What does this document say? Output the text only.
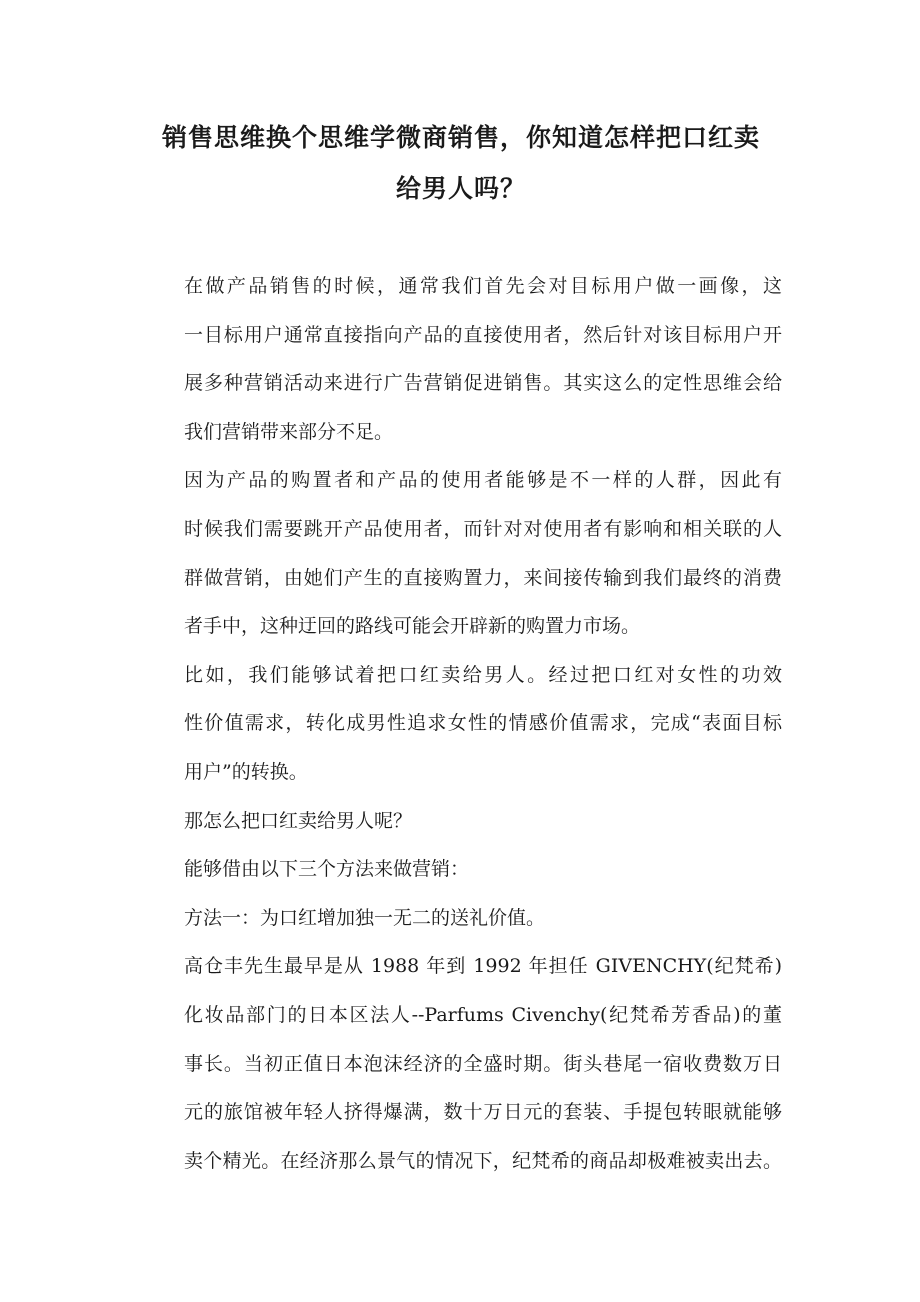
销售思维换个思维学微商销售，你知道怎样把口红卖
给男人吗？

在做产品销售的时候，通常我们首先会对目标用户做一画像，这
一目标用户通常直接指向产品的直接使用者，然后针对该目标用户开
展多种营销活动来进行广告营销促进销售。其实这么的定性思维会给
我们营销带来部分不足。

因为产品的购置者和产品的使用者能够是不一样的人群，因此有
时候我们需要跳开产品使用者，而针对对使用者有影响和相关联的人
群做营销，由她们产生的直接购置力，来间接传输到我们最终的消费
者手中，这种迂回的路线可能会开辟新的购置力市场。

比如，我们能够试着把口红卖给男人。经过把口红对女性的功效
性价值需求，转化成男性追求女性的情感价值需求，完成“表面目标
用户”的转换。

那怎么把口红卖给男人呢？

能够借由以下三个方法来做营销：

方法一：为口红增加独一无二的送礼价值。

高仓丰先生最早是从 1988 年到 1992 年担任 GIVENCHY(纪梵希)
化妆品部门的日本区法人--Parfums Civenchy(纪梵希芳香品)的董
事长。当初正值日本泡沫经济的全盛时期。街头巷尾一宿收费数万日
元的旅馆被年轻人挤得爆满，数十万日元的套装、手提包转眼就能够
卖个精光。在经济那么景气的情况下，纪梵希的商品却极难被卖出去。
